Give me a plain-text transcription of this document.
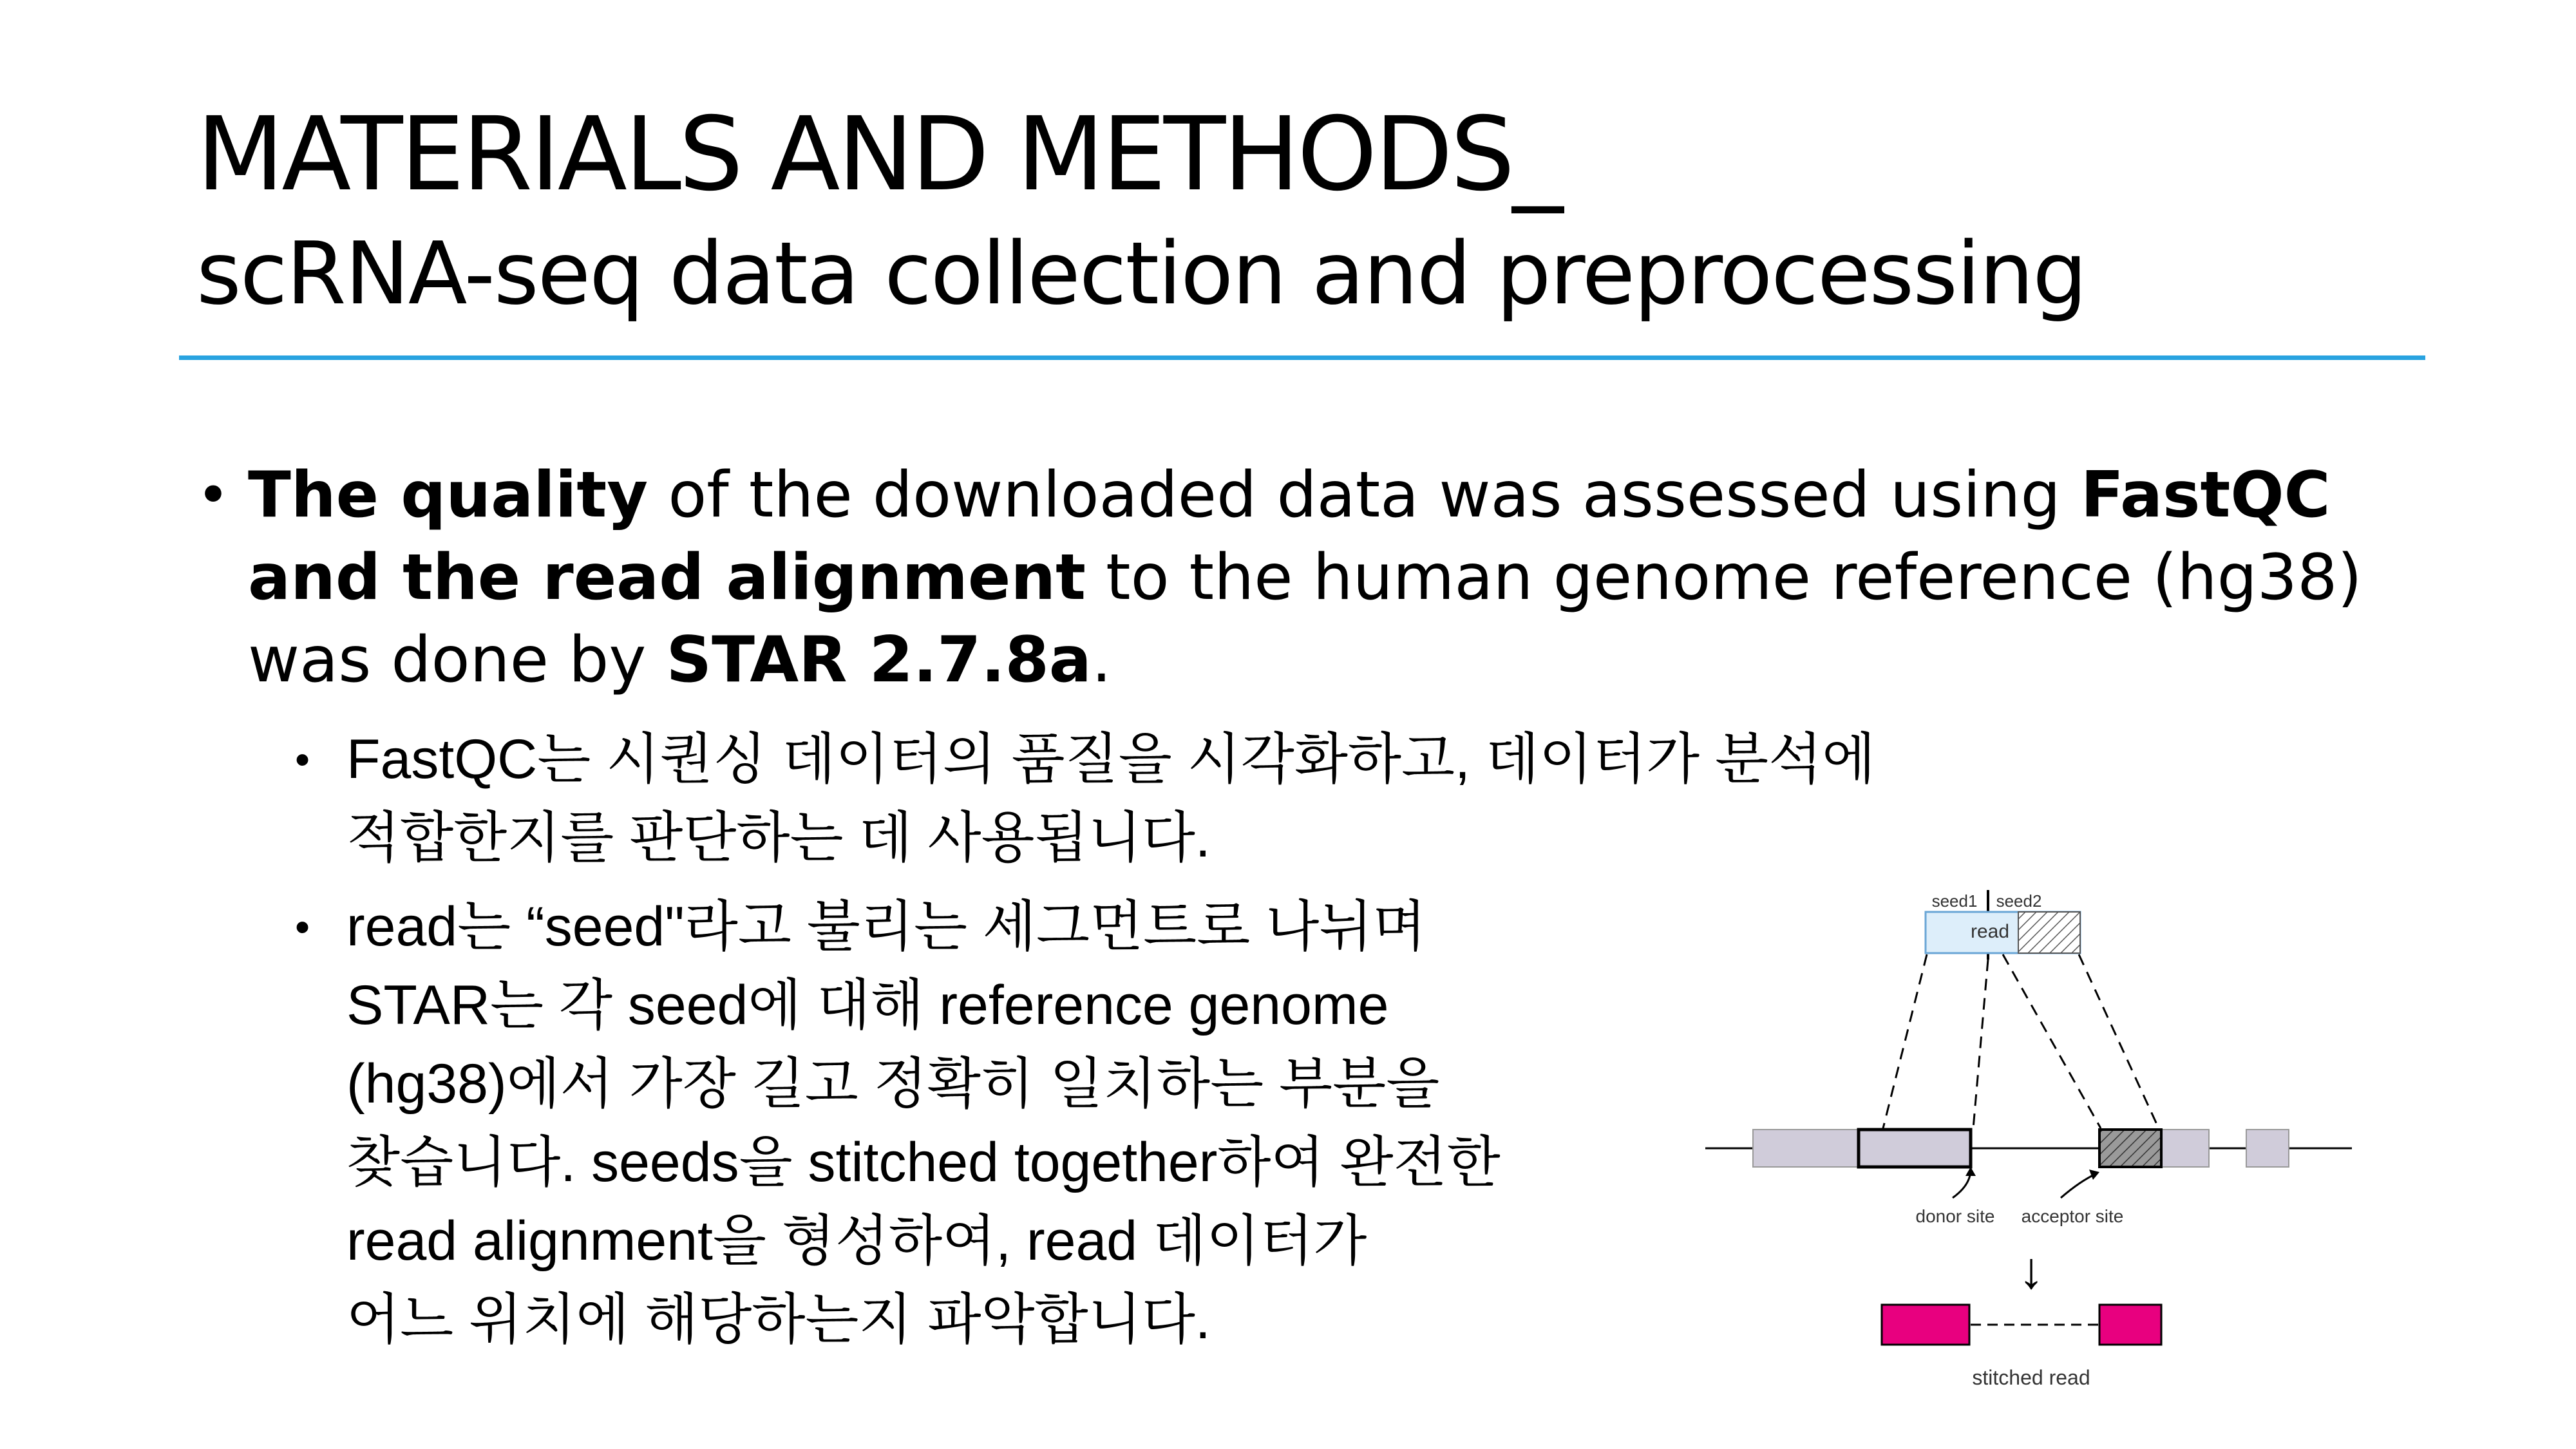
MATERIALS AND METHODS_
scRNA-seq data collection and preprocessing
• The quality of the downloaded data was assessed using FastQC
and the read alignment to the human genome reference (hg38)
was done by STAR 2.7.8a.
• FastQC는 시퀀싱 데이터의 품질을 시각화하고, 데이터가 분석에
적합한지를 판단하는 데 사용됩니다.
• read는 “seed"라고 불리는 세그먼트로 나뉘며
STAR는 각 seed에 대해 reference genome
(hg38)에서 가장 길고 정확히 일치하는 부분을
찾습니다. seeds을 stitched together하여 완전한
read alignment을 형성하여, read 데이터가
어느 위치에 해당하는지 파악합니다.
seed1 seed2
read
donor site acceptor site
↓
stitched read
